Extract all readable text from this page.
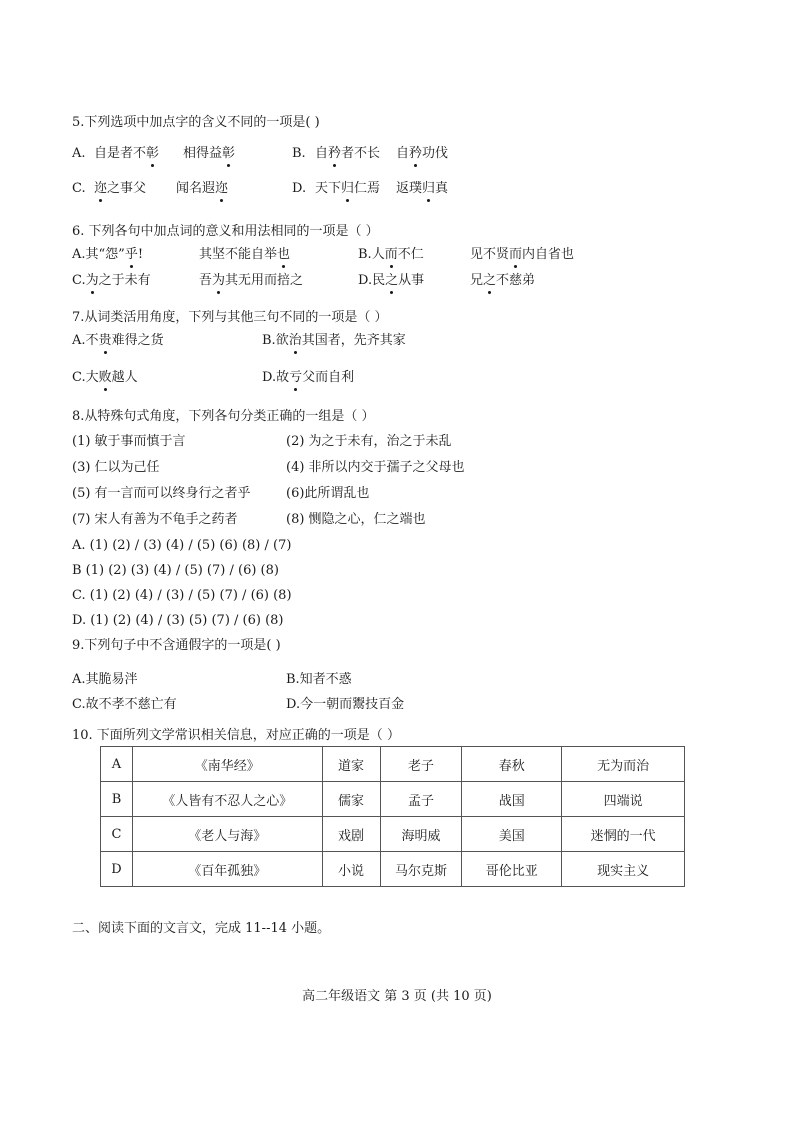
5.下列选项中加点字的含义不同的一项是( )
A. 自是者不彰 相得益彰	B. 自矜者不长 自矜功伐
C. 迩之事父 闻名遐迩	D. 天下归仁焉 返璞归真
6. 下列各句中加点词的意义和用法相同的一项是（ ）
A.其“怨”乎!	其坚不能自举也	B.人而不仁	见不贤而内自省也
C.为之于未有	吾为其无用而掊之	D.民之从事	兄之不慈弟
7.从词类活用角度，下列与其他三句不同的一项是（ ）
A.不贵难得之货	B.欲治其国者，先齐其家
C.大败越人	D.故亏父而自利
8.从特殊句式角度，下列各句分类正确的一组是（ ）
(1) 敏于事而慎于言	(2) 为之于未有，治之于未乱
(3) 仁以为己任	(4) 非所以内交于孺子之父母也
(5) 有一言而可以终身行之者乎	(6)此所谓乱也
(7) 宋人有善为不龟手之药者	(8) 恻隐之心，仁之端也
A. (1) (2) / (3) (4) / (5) (6) (8) / (7)
B (1) (2) (3) (4) / (5) (7) / (6) (8)
C. (1) (2) (4) / (3) / (5) (7) / (6) (8)
D. (1) (2) (4) / (3) (5) (7) / (6) (8)
9.下列句子中不含通假字的一项是( )
A.其脆易泮	B.知者不惑
C.故不孝不慈亡有	D.今一朝而鬻技百金
10. 下面所列文学常识相关信息，对应正确的一项是（ ）
A	《南华经》	道家	老子	春秋	无为而治
B	《人皆有不忍人之心》	儒家	孟子	战国	四端说
C	《老人与海》	戏剧	海明威	美国	迷惘的一代
D	《百年孤独》	小说	马尔克斯	哥伦比亚	现实主义
二、阅读下面的文言文，完成 11--14 小题。
高二年级语文 第 3 页 (共 10 页)
